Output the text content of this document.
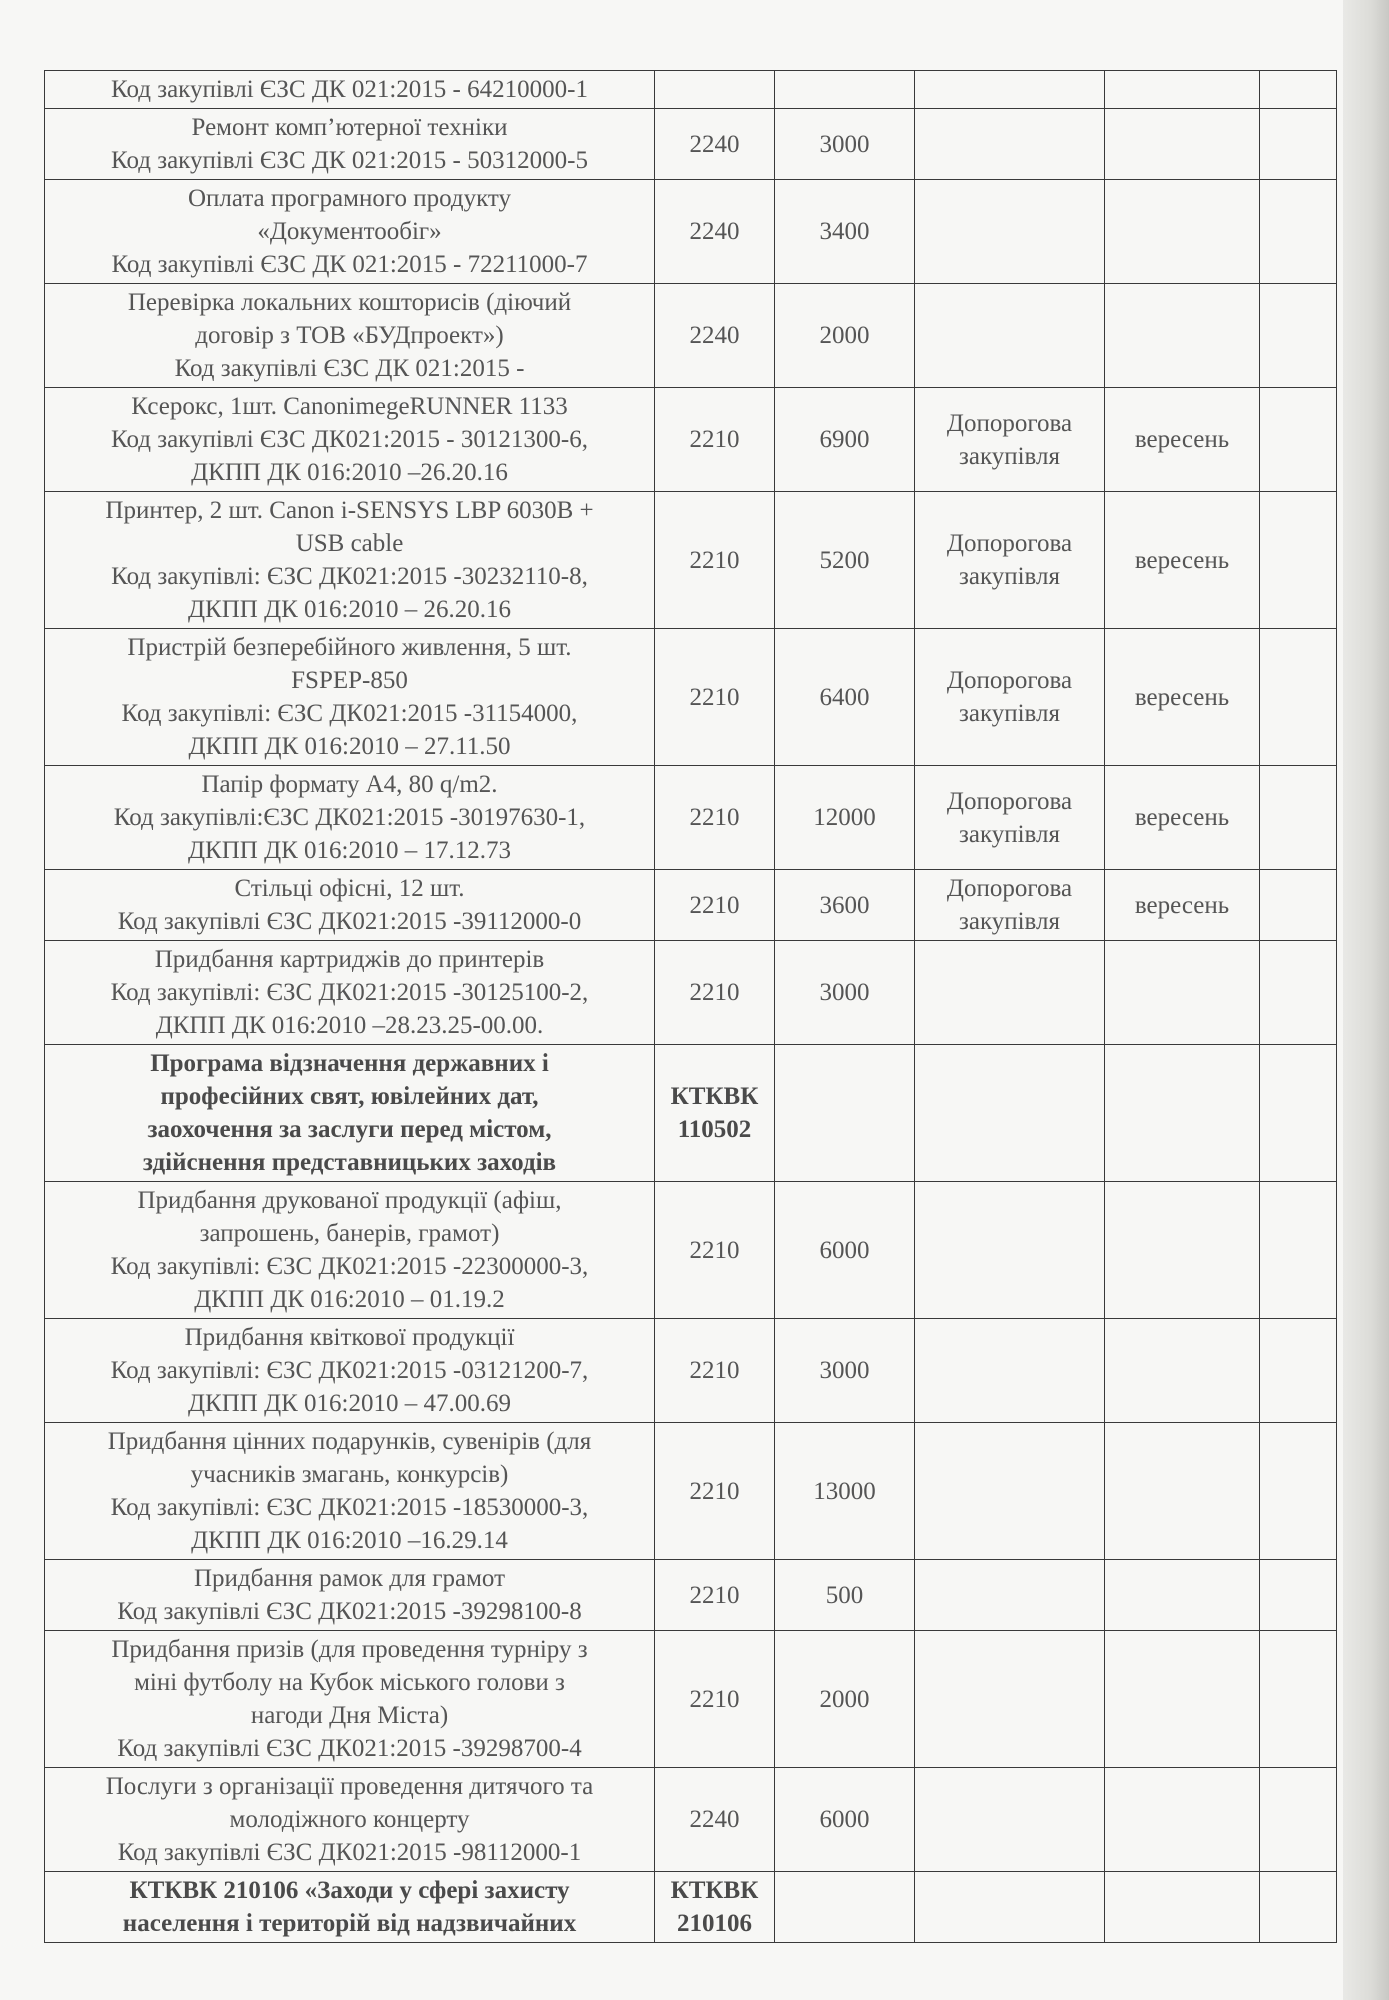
Код закупівлі ЄЗС ДК 021:2015 - 64210000-1					

Ремонт комп’ютерної техніки
Код закупівлі ЄЗС ДК 021:2015 - 50312000-5	2240	3000			

Оплата програмного продукту
«Документообіг»
Код закупівлі ЄЗС ДК 021:2015 - 72211000-7	2240	3400			

Перевірка локальних кошторисів (діючий
договір з ТОВ «БУДпроект»)
Код закупівлі ЄЗС ДК 021:2015 -	2240	2000			

Ксерокс, 1шт. CanonimegeRUNNER 1133
Код закупівлі ЄЗС ДК021:2015 - 30121300-6,
ДКПП ДК 016:2010 –26.20.16	2210	6900	Допорогова закупівля	вересень	

Принтер, 2 шт. Canon i-SENSYS LBP 6030B +
USB cable
Код закупівлі: ЄЗС ДК021:2015 -30232110-8,
ДКПП ДК 016:2010 – 26.20.16	2210	5200	Допорогова закупівля	вересень	

Пристрій безперебійного живлення, 5 шт.
FSPEP-850
Код закупівлі: ЄЗС ДК021:2015 -31154000,
ДКПП ДК 016:2010 – 27.11.50	2210	6400	Допорогова закупівля	вересень	

Папір формату А4, 80 q/m2.
Код закупівлі:ЄЗС ДК021:2015 -30197630-1,
ДКПП ДК 016:2010 – 17.12.73	2210	12000	Допорогова закупівля	вересень	

Стільці офісні, 12 шт.
Код закупівлі ЄЗС ДК021:2015 -39112000-0	2210	3600	Допорогова закупівля	вересень	

Придбання картриджів до принтерів
Код закупівлі: ЄЗС ДК021:2015 -30125100-2,
ДКПП ДК 016:2010 –28.23.25-00.00.	2210	3000			

Програма відзначення державних і
професійних свят, ювілейних дат,
заохочення за заслуги перед містом,
здійснення представницьких заходів	КТКВК 110502				

Придбання друкованої продукції (афіш,
запрошень, банерів, грамот)
Код закупівлі: ЄЗС ДК021:2015 -22300000-3,
ДКПП ДК 016:2010 – 01.19.2	2210	6000			

Придбання квіткової продукції
Код закупівлі: ЄЗС ДК021:2015 -03121200-7,
ДКПП ДК 016:2010 – 47.00.69	2210	3000			

Придбання цінних подарунків, сувенірів (для
учасників змагань, конкурсів)
Код закупівлі: ЄЗС ДК021:2015 -18530000-3,
ДКПП ДК 016:2010 –16.29.14	2210	13000			

Придбання рамок для грамот
Код закупівлі ЄЗС ДК021:2015 -39298100-8	2210	500			

Придбання призів (для проведення турніру з
міні футболу на Кубок міського голови з
нагоди Дня Міста)
Код закупівлі ЄЗС ДК021:2015 -39298700-4	2210	2000			

Послуги з організації проведення дитячого та
молодіжного концерту
Код закупівлі ЄЗС ДК021:2015 -98112000-1	2240	6000			

КТКВК 210106 «Заходи у сфері захисту
населення і територій від надзвичайних	КТКВК 210106				
